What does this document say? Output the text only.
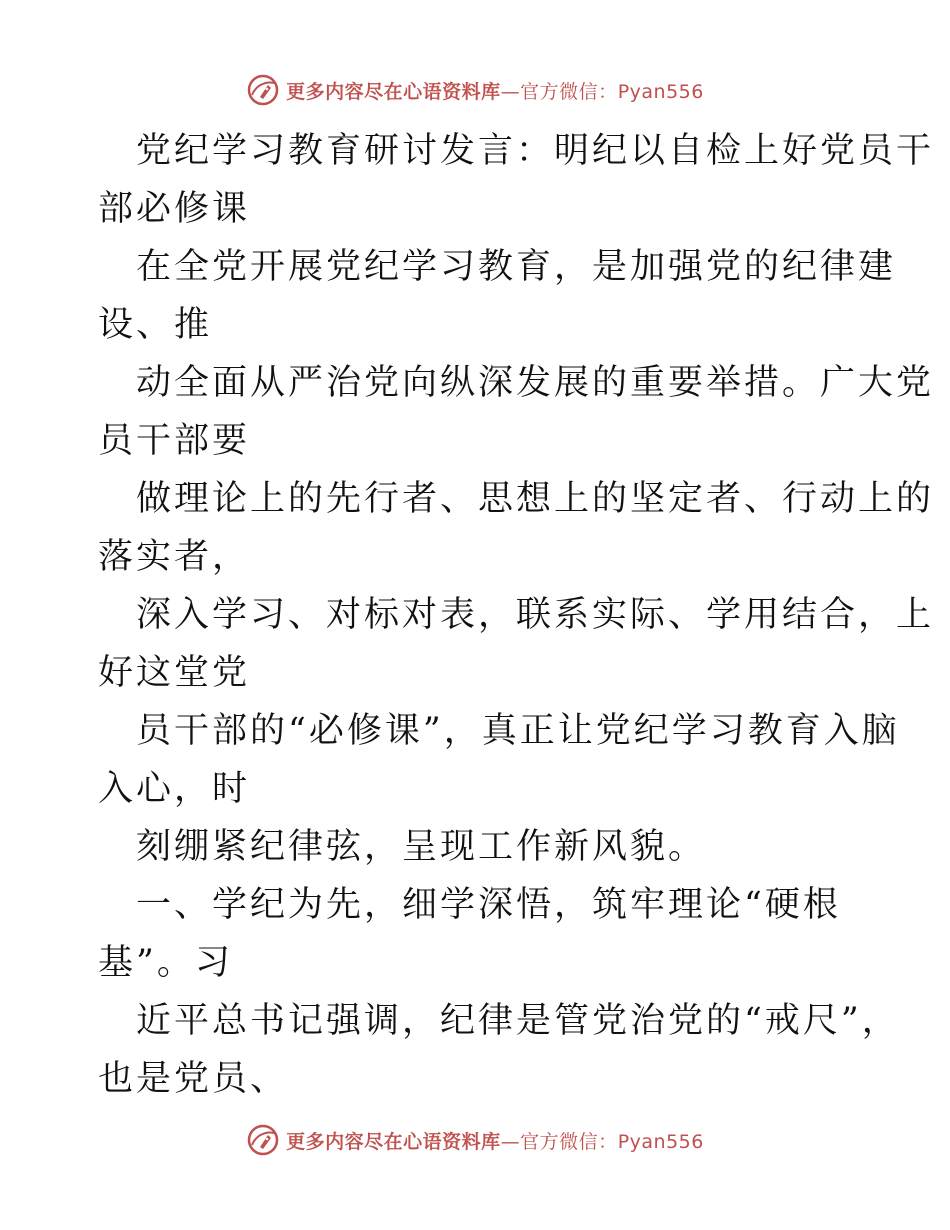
更多内容尽在心语资料库—官方微信：Pyan556
党纪学习教育研讨发言：明纪以自检上好党员干
部必修课
在全党开展党纪学习教育，是加强党的纪律建
设、推
动全面从严治党向纵深发展的重要举措。广大党
员干部要
做理论上的先行者、思想上的坚定者、行动上的
落实者，
深入学习、对标对表，联系实际、学用结合，上
好这堂党
员干部的“必修课”，真正让党纪学习教育入脑
入心，时
刻绷紧纪律弦，呈现工作新风貌。
一、学纪为先，细学深悟，筑牢理论“硬根
基”。习
近平总书记强调，纪律是管党治党的“戒尺”，
也是党员、
更多内容尽在心语资料库—官方微信：Pyan556
